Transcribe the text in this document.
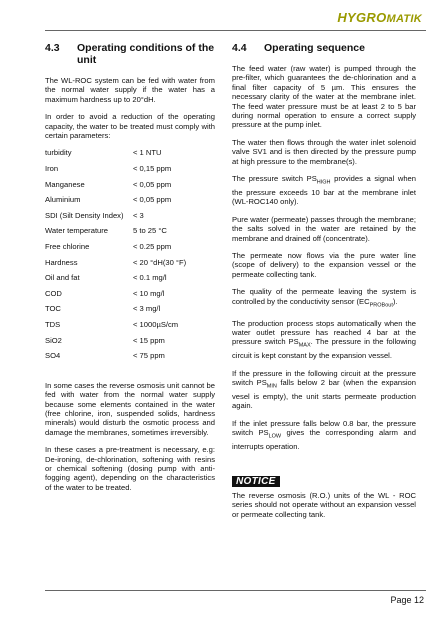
HYGROMATIK
4.3	Operating conditions of the unit

The WL-ROC system can be fed with water from the normal water supply if the water has a maximum hardness up to 20°dH.

In order to avoid a reduction of the operating capacity, the water to be treated must comply with certain parameters:

turbidity	< 1 NTU
Iron	< 0,15 ppm
Manganese	< 0,05 ppm
Aluminium	< 0,05 ppm
SDI (Silt Density Index)	< 3
Water temperature	5 to 25 °C
Free chlorine	< 0.25 ppm
Hardness	< 20 °dH(30 °F)
Oil and fat	< 0.1 mg/l
COD	< 10 mg/l
TOC	< 3 mg/l
TDS	< 1000µS/cm
SiO2	< 15 ppm
SO4	< 75 ppm

In some cases the reverse osmosis unit cannot be fed with water from the normal water supply because some elements contained in the water (free chlorine, iron, suspended solids, hardness minerals) would disturb the osmotic process and damage the membranes, sometimes irreversibly.

In these cases a pre-treatment is necessary, e.g: De-ironing, de-chlorination, softening with resins or chemical softening (dosing pump with anti-fogging agent), depending on the characteristics of the water to be treated.

4.4	Operating sequence

The feed water (raw water) is pumped through the pre-filter, which guarantees the de-chlorination and a final filter capacity of 5 µm. This ensures the necessary clarity of the water at the membrane inlet. The feed water pressure must be at least 2 to 5 bar during normal operation to ensure a correct supply pressure at the pump inlet.

The water then flows through the water inlet solenoid valve SV1 and is then directed by the pressure pump at high pressure to the membrane(s).

The pressure switch $PS_{HIGH}$ provides a signal when the pressure exceeds 10 bar at the membrane inlet (WL-ROC140 only).

Pure water (permeate) passes through the membrane; the salts solved in the water are retained by the membrane and drained off (concentrate).

The permeate now flows via the pure water line (scope of delivery) to the expansion vessel or the permeate collecting tank.

The quality of the permeate leaving the system is controlled by the conductivity sensor $(EC_{PROBout})$.

The production process stops automatically when the water outlet pressure has reached 4 bar at the pressure switch $PS_{MAX}$. The pressure in the following circuit is kept constant by the expansion vessel.

If the pressure in the following circuit at the pressure switch $PS_{MIN}$ falls below 2 bar (when the expansion vesel is empty), the unit starts permeate production again.

If the inlet pressure falls below 0.8 bar, the pressure switch $PS_{LOW}$ gives the corresponding alarm and interrupts operation.

NOTICE

The reverse osmosis (R.O.) units of the WL - ROC series should not operate without an expansion vessel or permeate collecting tank.

Page 12
